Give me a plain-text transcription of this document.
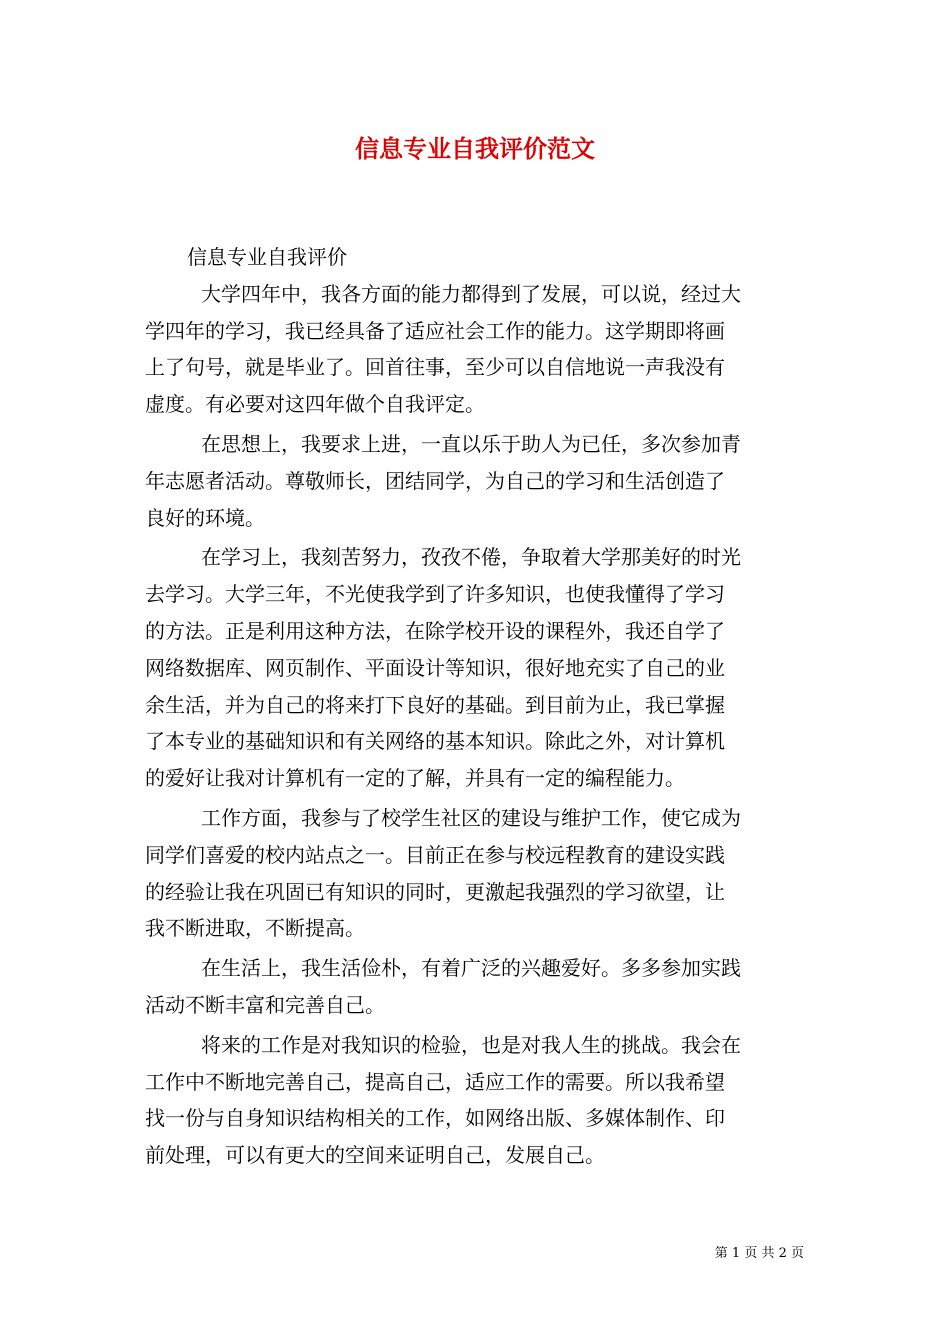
信息专业自我评价范文

信息专业自我评价

大学四年中，我各方面的能力都得到了发展，可以说，经过大
学四年的学习，我已经具备了适应社会工作的能力。这学期即将画
上了句号，就是毕业了。回首往事，至少可以自信地说一声我没有
虚度。有必要对这四年做个自我评定。

在思想上，我要求上进，一直以乐于助人为已任，多次参加青
年志愿者活动。尊敬师长，团结同学，为自己的学习和生活创造了
良好的环境。

在学习上，我刻苦努力，孜孜不倦，争取着大学那美好的时光
去学习。大学三年，不光使我学到了许多知识，也使我懂得了学习
的方法。正是利用这种方法，在除学校开设的课程外，我还自学了
网络数据库、网页制作、平面设计等知识，很好地充实了自己的业
余生活，并为自己的将来打下良好的基础。到目前为止，我已掌握
了本专业的基础知识和有关网络的基本知识。除此之外，对计算机
的爱好让我对计算机有一定的了解，并具有一定的编程能力。

工作方面，我参与了校学生社区的建设与维护工作，使它成为
同学们喜爱的校内站点之一。目前正在参与校远程教育的建设实践
的经验让我在巩固已有知识的同时，更激起我强烈的学习欲望，让
我不断进取，不断提高。

在生活上，我生活俭朴，有着广泛的兴趣爱好。多多参加实践
活动不断丰富和完善自己。

将来的工作是对我知识的检验，也是对我人生的挑战。我会在
工作中不断地完善自己，提高自己，适应工作的需要。所以我希望
找一份与自身知识结构相关的工作，如网络出版、多媒体制作、印
前处理，可以有更大的空间来证明自己，发展自己。

第 1 页 共 2 页
